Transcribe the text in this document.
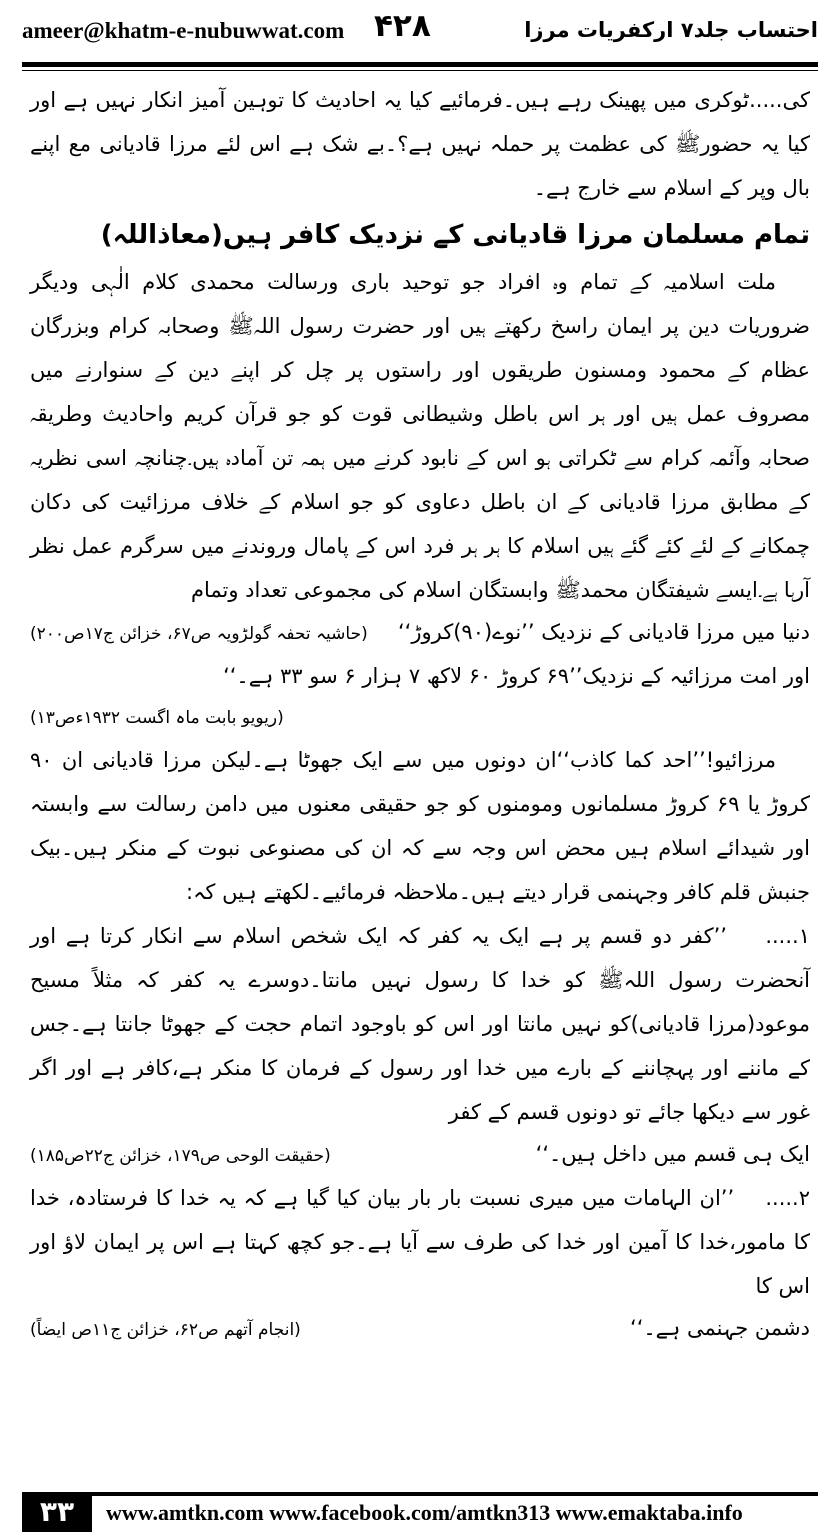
ameer@khatm-e-nubuwwat.com ۴۲۸	احتساب جلد۷ ارکفریات مرزا

کی.....ٹوکری میں پھینک رہے ہیں۔فرمائیے کیا یہ احادیث کا توہین آمیز انکار نہیں ہے اور کیا یہ حضورﷺ کی عظمت پر حملہ نہیں ہے؟۔بے شک ہے اس لئے مرزا قادیانی مع اپنے بال وپر کے اسلام سے خارج ہے۔

تمام مسلمان مرزا قادیانی کے نزدیک کافر ہیں(معاذاللہ)

ملت اسلامیہ کے تمام وہ افراد جو توحید باری ورسالت محمدی کلام الٰہی ودیگر ضروریات دین پر ایمان راسخ رکھتے ہیں اور حضرت رسول اللہﷺ وصحابہ کرام وبزرگان عظام کے محمود ومسنون طریقوں اور راستوں پر چل کر اپنے دین کے سنوارنے میں مصروف عمل ہیں اور ہر اس باطل وشیطانی قوت کو جو قرآن کریم واحادیث وطریقہ صحابہ وآئمہ کرام سے ٹکراتی ہو اس کے نابود کرنے میں ہمہ تن آمادہ ہیں۔چنانچہ اسی نظریہ کے مطابق مرزا قادیانی کے ان باطل دعاوی کو جو اسلام کے خلاف مرزائیت کی دکان چمکانے کے لئے کئے گئے ہیں اسلام کا ہر ہر فرد اس کے پامال وروندنے میں سرگرم عمل نظر آرہا ہے۔ایسے شیفتگان محمدﷺ وابستگان اسلام کی مجموعی تعداد وتمام

دنیا میں مرزا قادیانی کے نزدیک ’’نوے(۹۰)کروڑ‘‘
(حاشیہ تحفہ گولڑویہ ص۶۷، خزائن ج۱۷ص۲۰۰)

اور امت مرزائیہ کے نزدیک’’۶۹ کروڑ ۶۰ لاکھ ۷ ہزار ۶ سو ۳۳ ہے۔‘‘

(ریویو بابت ماہ اگست ۱۹۳۲ءص۱۳)

مرزائیو!’’احد کما کاذب‘‘ان دونوں میں سے ایک جھوٹا ہے۔لیکن مرزا قادیانی ان ۹۰ کروڑ یا ۶۹ کروڑ مسلمانوں ومومنوں کو جو حقیقی معنوں میں دامن رسالت سے وابستہ اور شیدائے اسلام ہیں محض اس وجہ سے کہ ان کی مصنوعی نبوت کے منکر ہیں۔بیک جنبش قلم کافر وجہنمی قرار دیتے ہیں۔ملاحظہ فرمائیے۔لکھتے ہیں کہ:

۱.....    ’’کفر دو قسم پر ہے ایک یہ کفر کہ ایک شخص اسلام سے انکار کرتا ہے اور آنحضرت رسول اللہﷺ کو خدا کا رسول نہیں مانتا۔دوسرے یہ کفر کہ مثلاً مسیح موعود(مرزا قادیانی)کو نہیں مانتا اور اس کو باوجود اتمام حجت کے جھوٹا جانتا ہے۔جس کے ماننے اور پہچاننے کے بارے میں خدا اور رسول کے فرمان کا منکر ہے،کافر ہے اور اگر غور سے دیکھا جائے تو دونوں قسم کے کفر

ایک ہی قسم میں داخل ہیں۔‘‘
(حقیقت الوحی ص۱۷۹، خزائن ج۲۲ص۱۸۵)

۲.....    ’’ان الہامات میں میری نسبت بار بار بیان کیا گیا ہے کہ یہ خدا کا فرستادہ، خدا کا مامور،خدا کا آمین اور خدا کی طرف سے آیا ہے۔جو کچھ کہتا ہے اس پر ایمان لاؤ اور اس کا

دشمن جہنمی ہے۔‘‘
(انجام آتھم ص۶۲، خزائن ج۱۱ص ایضاً)
۳۳	www.amtkn.com www.facebook.com/amtkn313 www.emaktaba.info
